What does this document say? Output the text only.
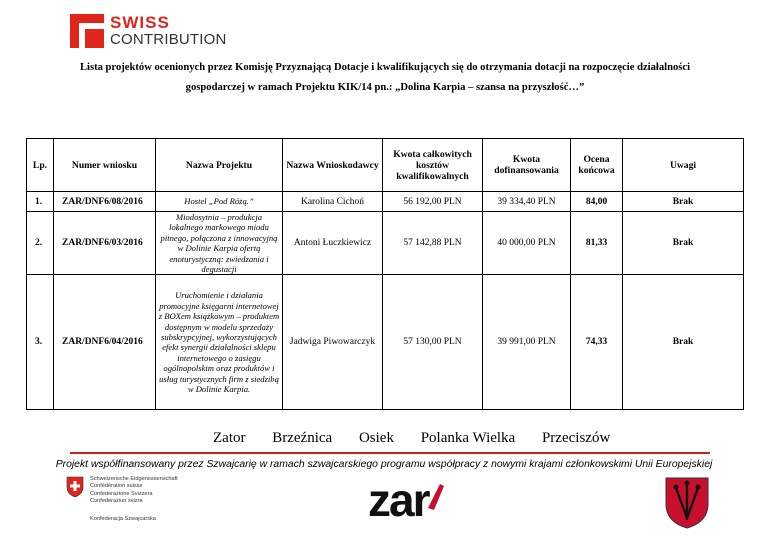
SWISS
CONTRIBUTION
Lista projektów ocenionych przez Komisję Przyznającą Dotacje i kwalifikujących się do otrzymania dotacji na rozpoczęcie działalności
gospodarczej w ramach Projektu KIK/14 pn.: „Dolina Karpia – szansa na przyszłość…”
Lp.	Numer wniosku	Nazwa Projektu	Nazwa Wnioskodawcy	Kwota całkowitych kosztów kwalifikowalnych	Kwota dofinansowania	Ocena końcowa	Uwagi
1.	ZAR/DNF6/08/2016	Hostel „Pod Różą.”	Karolina Cichoń	56 192,00 PLN	39 334,40 PLN	84,00	Brak
2.	ZAR/DNF6/03/2016	Miodosytnia – produkcja lokalnego markowego miodu pitnego, połączona z innowacyjną w Dolinie Karpia ofertą enoturystyczną: zwiedzania i degustacji	Antoni Łuczkiewicz	57 142,88 PLN	40 000,00 PLN	81,33	Brak
3.	ZAR/DNF6/04/2016	Uruchomienie i działania promocyjne księgarni internetowej z BOXem książkowym – produktem dostępnym w modelu sprzedaży subskrypcyjnej, wykorzystujących efekt synergii działalności sklepu internetowego o zasięgu ogólnopolskim oraz produktów i usług turystycznych firm z siedzibą w Dolinie Karpia.	Jadwiga Piwowarczyk	57 130,00 PLN	39 991,00 PLN	74,33	Brak
Zator Brzeźnica Osiek Polanka Wielka Przeciszów
Projekt współfinansowany przez Szwajcarię w ramach szwajcarskiego programu współpracy z nowymi krajami członkowskimi Unii Europejskiej
Schweizerische Eidgenossenschaft
Confédération suisse
Confederazione Svizzera
Confederaziun svizra
Konfederacja Szwajcarska	zar
